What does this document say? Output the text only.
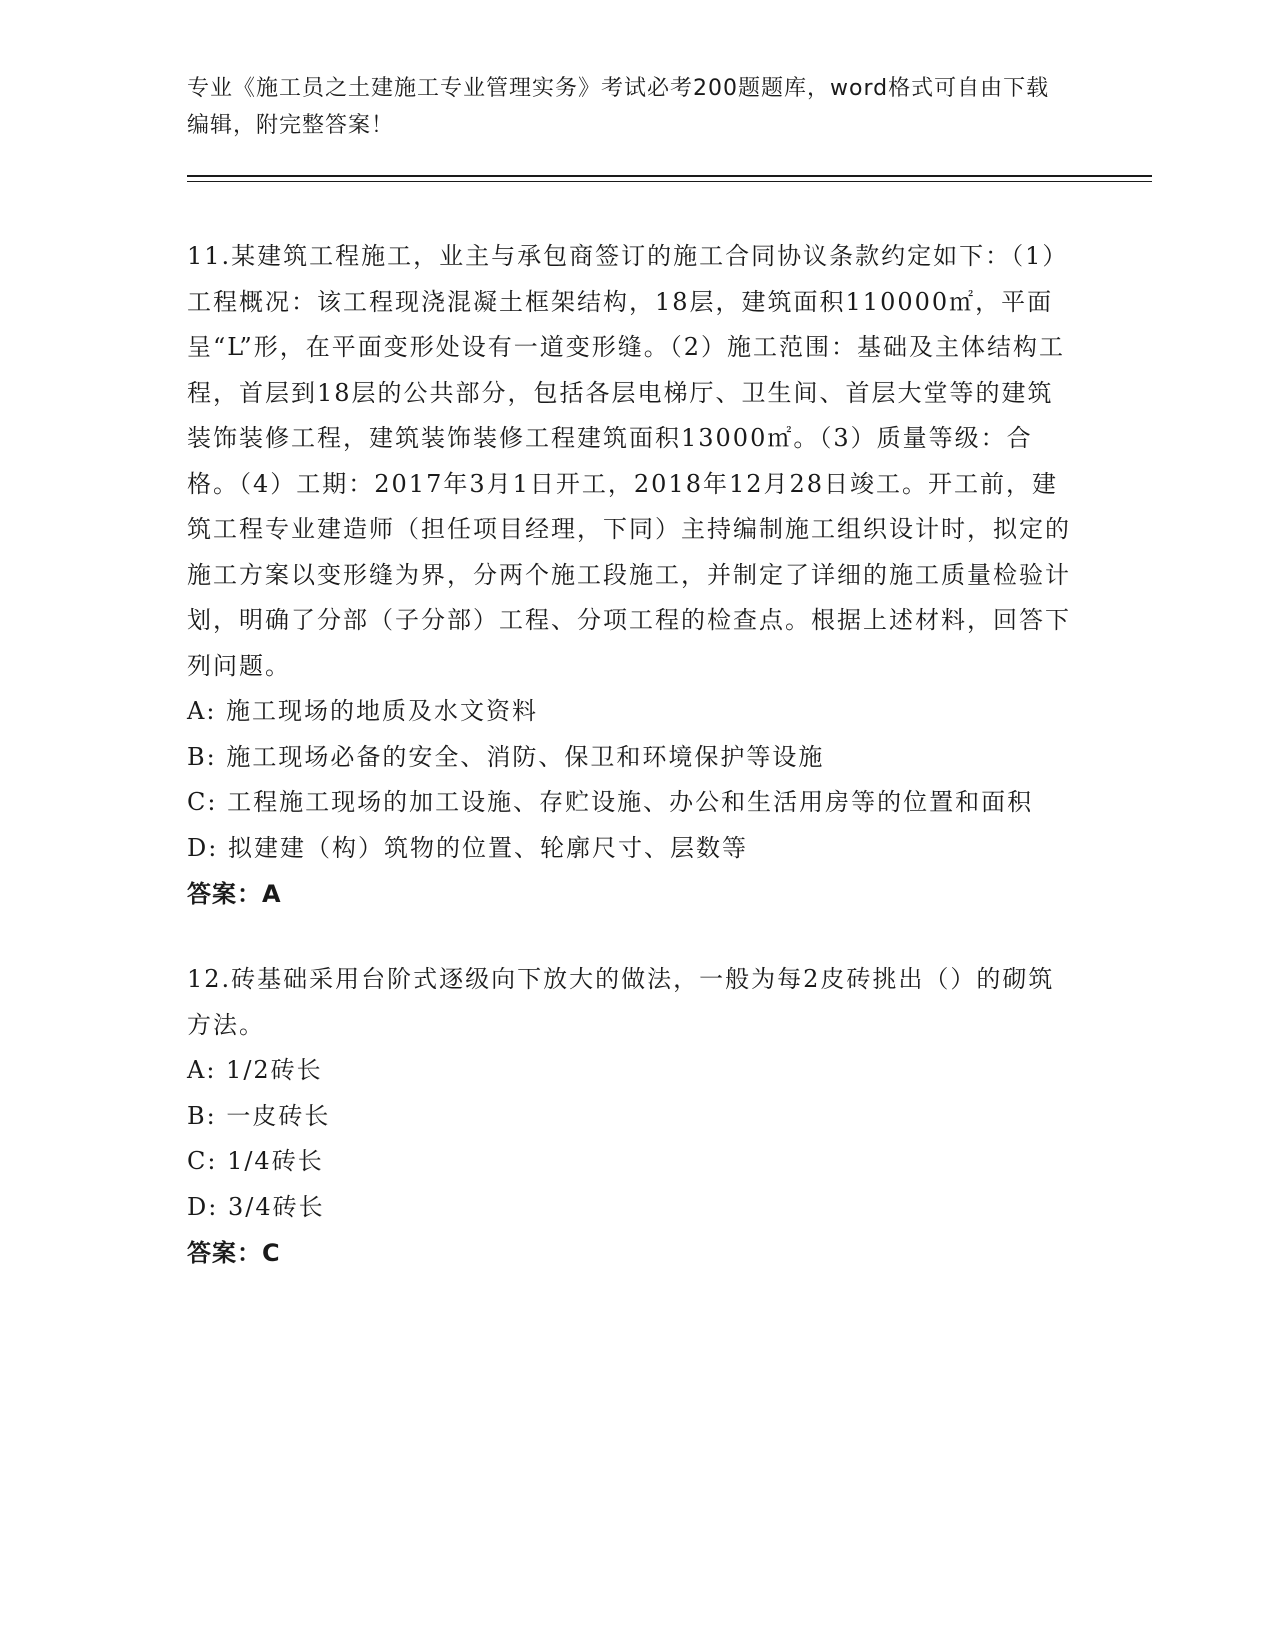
专业《施工员之土建施工专业管理实务》考试必考200题题库，word格式可自由下载编辑，附完整答案！

11.某建筑工程施工，业主与承包商签订的施工合同协议条款约定如下：（1）工程概况：该工程现浇混凝土框架结构，18层，建筑面积110000㎡，平面呈“L”形，在平面变形处设有一道变形缝。（2）施工范围：基础及主体结构工程，首层到18层的公共部分，包括各层电梯厅、卫生间、首层大堂等的建筑装饰装修工程，建筑装饰装修工程建筑面积13000㎡。（3）质量等级：合格。（4）工期：2017年3月1日开工，2018年12月28日竣工。开工前，建筑工程专业建造师（担任项目经理，下同）主持编制施工组织设计时，拟定的施工方案以变形缝为界，分两个施工段施工，并制定了详细的施工质量检验计划，明确了分部（子分部）工程、分项工程的检查点。根据上述材料，回答下列问题。

A: 施工现场的地质及水文资料

B: 施工现场必备的安全、消防、保卫和环境保护等设施

C: 工程施工现场的加工设施、存贮设施、办公和生活用房等的位置和面积

D: 拟建建（构）筑物的位置、轮廓尺寸、层数等

答案：A

12.砖基础采用台阶式逐级向下放大的做法，一般为每2皮砖挑出（）的砌筑方法。

A: 1/2砖长

B: 一皮砖长

C: 1/4砖长

D: 3/4砖长

答案：C
